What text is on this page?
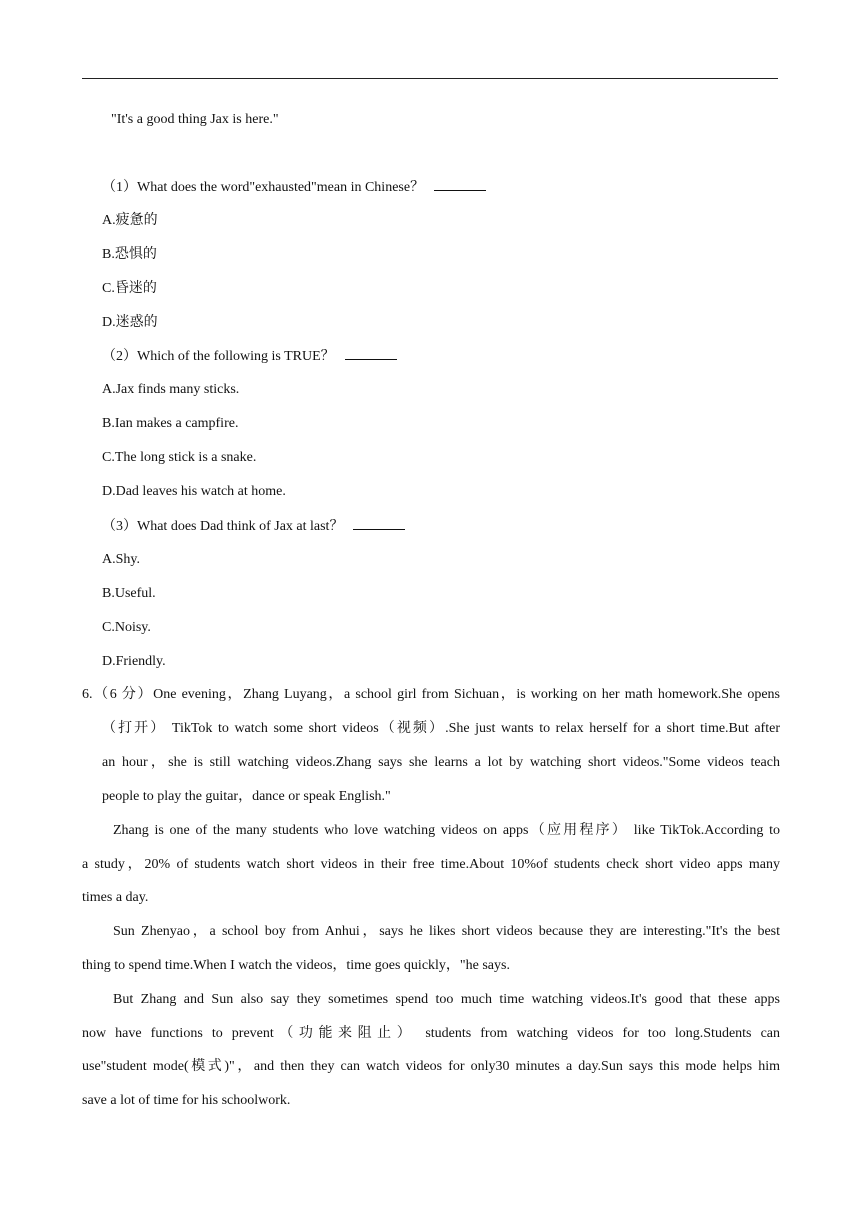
"It's a good thing Jax is here."
（1）What does the word"exhausted"mean in Chinese？
A.疲惫的
B.恐惧的
C.昏迷的
D.迷惑的
（2）Which of the following is TRUE？
A.Jax finds many sticks.
B.Ian makes a campfire.
C.The long stick is a snake.
D.Dad leaves his watch at home.
（3）What does Dad think of Jax at last？
A.Shy.
B.Useful.
C.Noisy.
D.Friendly.
6.（6 分）One evening，Zhang Luyang，a school girl from Sichuan，is working on her math homework.She opens
（打开） TikTok to watch some short videos（视频）.She just wants to relax herself for a short time.But after
an hour，she is still watching videos.Zhang says she learns a lot by watching short videos."Some videos teach
people to play the guitar，dance or speak English."
Zhang is one of the many students who love watching videos on apps（应用程序） like TikTok.According to
a study，20% of students watch short videos in their free time.About 10%of students check short video apps many
times a day.
Sun Zhenyao，a school boy from Anhui，says he likes short videos because they are interesting."It's the best
thing to spend time.When I watch the videos，time goes quickly，"he says.
But Zhang and Sun also say they sometimes spend too much time watching videos.It's good that these apps
now have functions to prevent（功能来阻止） students from watching videos for too long.Students can
use"student mode(模式)"，and then they can watch videos for only30 minutes a day.Sun says this mode helps him
save a lot of time for his schoolwork.
